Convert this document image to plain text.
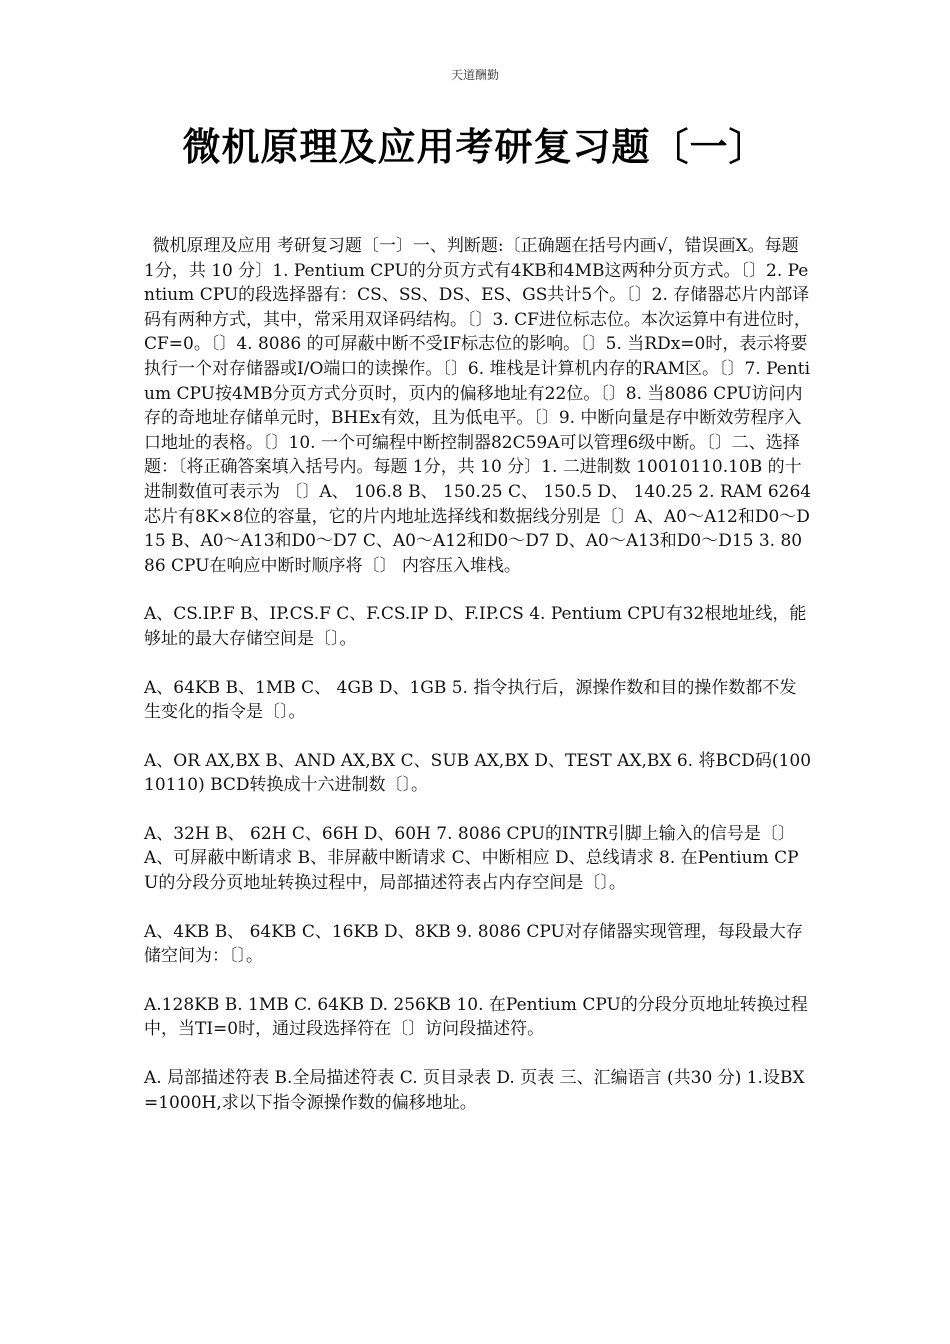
天道酬勤
微机原理及应用考研复习题〔一〕

微机原理及应用 考研复习题〔一〕一、判断题:〔正确题在括号内画√，错误画X。每题 1分，共 10 分〕1. Pentium CPU的分页方式有4KB和4MB这两种分页方式。〔〕2. Pentium CPU的段选择器有：CS、SS、DS、ES、GS共计5个。〔〕2. 存储器芯片内部译码有两种方式，其中，常采用双译码结构。〔〕3. CF进位标志位。本次运算中有进位时，CF=0。〔〕4. 8086 的可屏蔽中断不受IF标志位的影响。〔〕5. 当RDx=0时，表示将要执行一个对存储器或I/O端口的读操作。〔〕6. 堆栈是计算机内存的RAM区。〔〕7. Pentium CPU按4MB分页方式分页时，页内的偏移地址有22位。〔〕8. 当8086 CPU访问内存的奇地址存储单元时，BHEx有效，且为低电平。〔〕9. 中断向量是存中断效劳程序入口地址的表格。〔〕10. 一个可编程中断控制器82C59A可以管理6级中断。〔〕二、选择题：〔将正确答案填入括号内。每题 1分，共 10 分〕1. 二进制数 10010110.10B 的十进制数值可表示为 〔〕A、 106.8 B、 150.25 C、 150.5 D、 140.25 2. RAM 6264芯片有8K×8位的容量，它的片内地址选择线和数据线分别是〔〕A、A0～A12和D0～D15 B、A0～A13和D0～D7 C、A0～A12和D0～D7 D、A0～A13和D0～D15 3. 8086 CPU在响应中断时顺序将〔〕 内容压入堆栈。

A、CS.IP.F B、IP.CS.F C、F.CS.IP D、F.IP.CS 4. Pentium CPU有32根地址线，能够址的最大存储空间是〔〕。

A、64KB B、1MB C、 4GB D、1GB 5. 指令执行后，源操作数和目的操作数都不发生变化的指令是〔〕。

A、OR AX,BX B、AND AX,BX C、SUB AX,BX D、TEST AX,BX 6. 将BCD码(10010110) BCD转换成十六进制数〔〕。

A、32H B、 62H C、66H D、60H 7. 8086 CPU的INTR引脚上输入的信号是〔〕A、可屏蔽中断请求 B、非屏蔽中断请求 C、中断相应 D、总线请求 8. 在Pentium CPU的分段分页地址转换过程中，局部描述符表占内存空间是〔〕。

A、4KB B、 64KB C、16KB D、8KB 9. 8086 CPU对存储器实现管理，每段最大存储空间为：〔〕。

A.128KB B. 1MB C. 64KB D. 256KB 10. 在Pentium CPU的分段分页地址转换过程中，当TI=0时，通过段选择符在〔〕访问段描述符。

A. 局部描述符表 B.全局描述符表 C. 页目录表 D. 页表 三、汇编语言 (共30 分) 1.设BX=1000H,求以下指令源操作数的偏移地址。
